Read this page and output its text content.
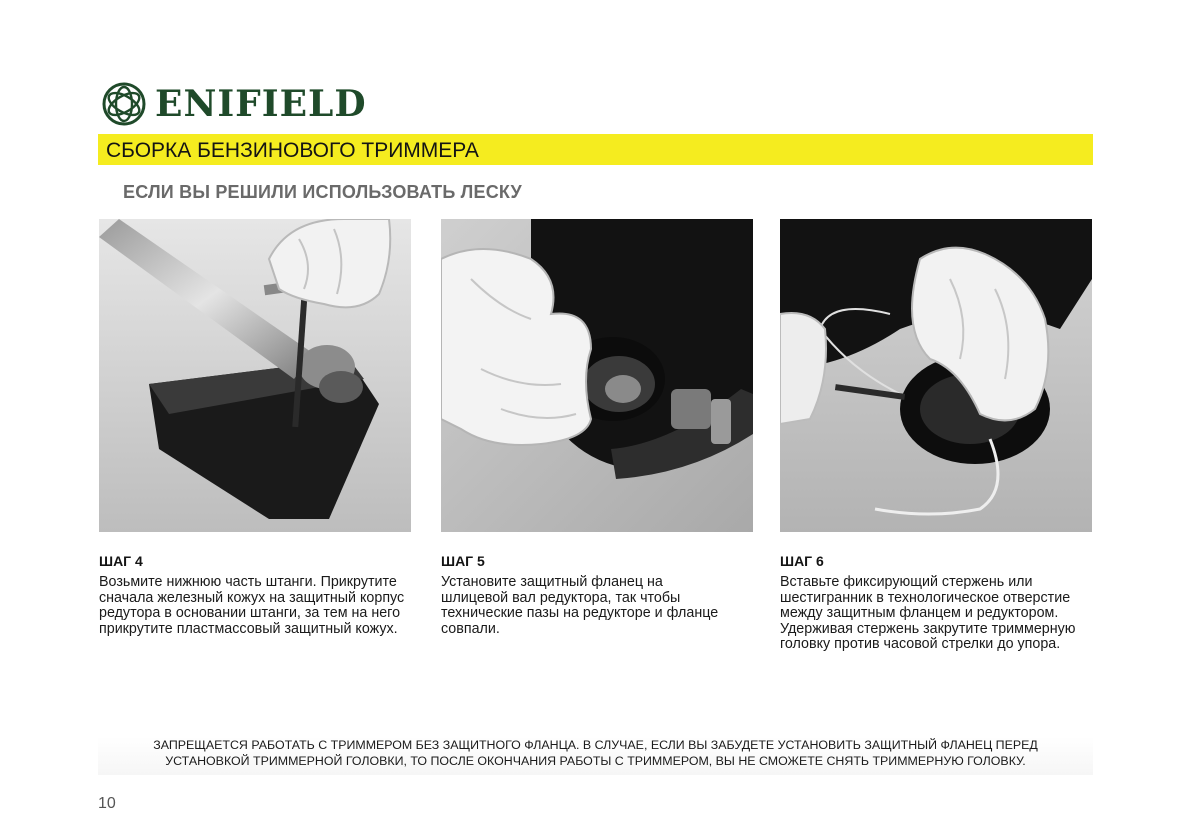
ENIFIELD
СБОРКА БЕНЗИНОВОГО ТРИММЕРА
ЕСЛИ ВЫ РЕШИЛИ ИСПОЛЬЗОВАТЬ ЛЕСКУ

ШАГ 4

Возьмите нижнюю часть штанги. Прикрутите сначала железный кожух на защитный корпус редутора в основании штанги, за тем на него прикрутите пластмассовый защитный кожух.

ШАГ 5

Установите защитный фланец на шлицевой вал редуктора, так чтобы технические пазы на редукторе и фланце совпали.

ШАГ 6

Вставьте фиксирующий стержень или шестигранник в технологическое отверстие между защитным фланцем и редуктором. Удерживая стержень закрутите триммерную головку против часовой стрелки до упора.

ЗАПРЕЩАЕТСЯ РАБОТАТЬ С ТРИММЕРОМ БЕЗ ЗАЩИТНОГО ФЛАНЦА. В СЛУЧАЕ, ЕСЛИ ВЫ ЗАБУДЕТЕ УСТАНОВИТЬ ЗАЩИТНЫЙ ФЛАНЕЦ ПЕРЕД
УСТАНОВКОЙ ТРИММЕРНОЙ ГОЛОВКИ, ТО ПОСЛЕ ОКОНЧАНИЯ РАБОТЫ С ТРИММЕРОМ, ВЫ НЕ СМОЖЕТЕ СНЯТЬ ТРИММЕРНУЮ ГОЛОВКУ.
10
